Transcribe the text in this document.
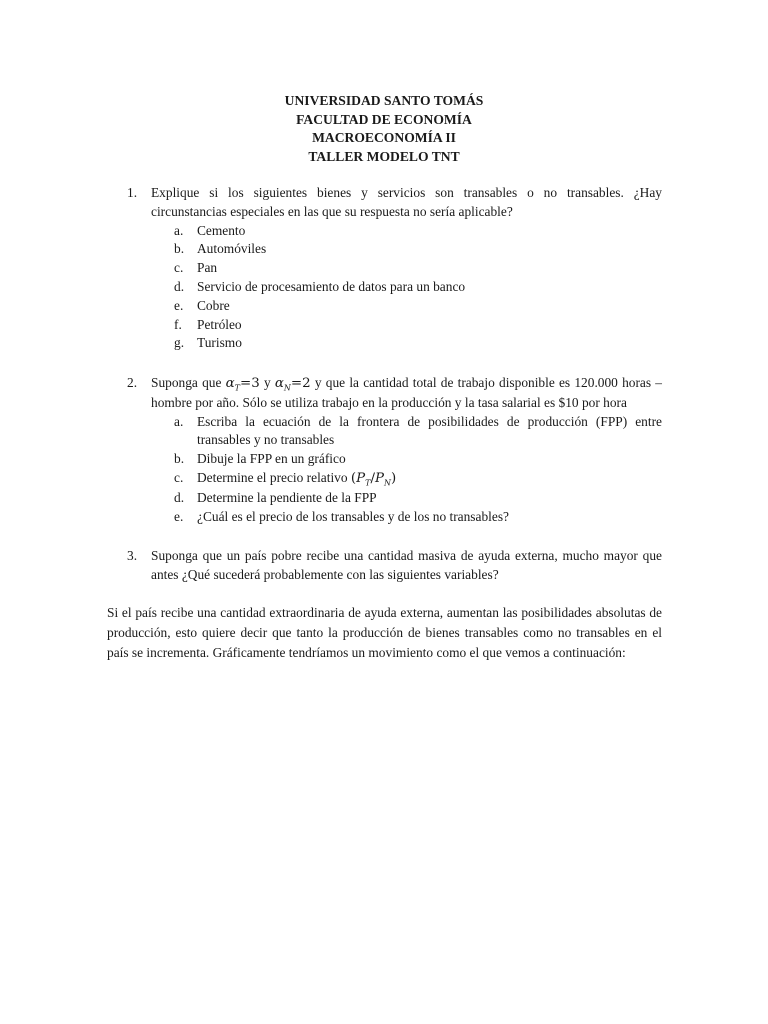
UNIVERSIDAD SANTO TOMÁS
FACULTAD DE ECONOMÍA
MACROECONOMÍA II
TALLER MODELO TNT
1. Explique si los siguientes bienes y servicios son transables o no transables. ¿Hay circunstancias especiales en las que su respuesta no sería aplicable?
a. Cemento
b. Automóviles
c. Pan
d. Servicio de procesamiento de datos para un banco
e. Cobre
f. Petróleo
g. Turismo
2. Suponga que $\alpha_T=3$ y $\alpha_N=2$ y que la cantidad total de trabajo disponible es 120.000 horas – hombre por año. Sólo se utiliza trabajo en la producción y la tasa salarial es $10 por hora
a. Escriba la ecuación de la frontera de posibilidades de producción (FPP) entre transables y no transables
b. Dibuje la FPP en un gráfico
c. Determine el precio relativo $(P_T/P_N)$
d. Determine la pendiente de la FPP
e. ¿Cuál es el precio de los transables y de los no transables?
3. Suponga que un país pobre recibe una cantidad masiva de ayuda externa, mucho mayor que antes ¿Qué sucederá probablemente con las siguientes variables?
Si el país recibe una cantidad extraordinaria de ayuda externa, aumentan las posibilidades absolutas de producción, esto quiere decir que tanto la producción de bienes transables como no transables en el país se incrementa. Gráficamente tendríamos un movimiento como el que vemos a continuación:
